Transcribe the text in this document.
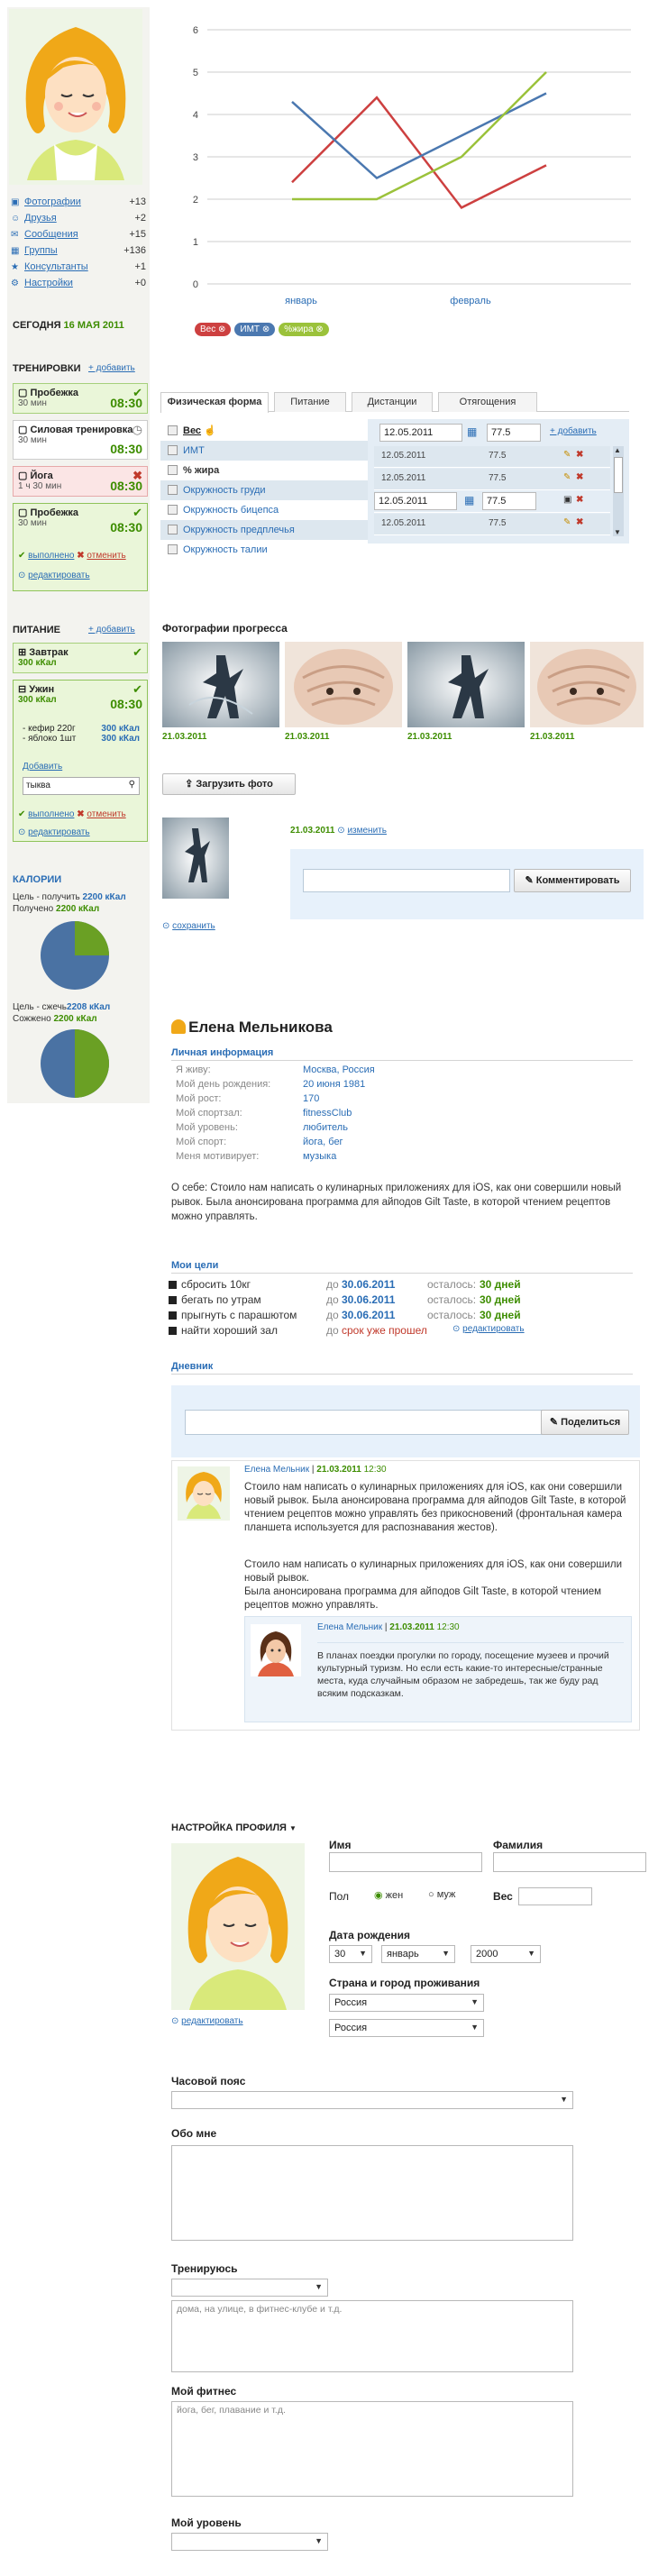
▣ Фотографии	+13
☺ Друзья	+2
✉ Сообщения	+15
▦ Группы	+136
★ Консультанты	+1
⚙ Настройки	+0
СЕГОДНЯ 16 МАЯ 2011
ТРЕНИРОВКИ + добавить
▢ Пробежка
30 мин
✔
08:30
▢ Силовая тренировка
30 мин
◷
08:30
▢ Йога
1 ч 30 мин
✖
08:30
▢ Пробежка
30 мин
✔
08:30
✔ выполнено ✖ отменить
⊙ редактировать
ПИТАНИЕ	+ добавить
⊞ Завтрак
300 кКал
✔
⊟ Ужин
300 кКал
✔
08:30
- кефир 220г	300 кКал
- яблоко 1шт	300 кКал
Добавить
тыква	⚲
✔ выполнено ✖ отменить
⊙ редактировать
КАЛОРИИ
Цель - получить 2200 кКал
Получено 2200 кКал
Цель - сжечь2208 кКал
Сожжено 2200 кКал
0
1
2
3
4
5
6
январь	февраль
Вес ⊗	ИМТ ⊗	%жира ⊗
Физическая форма	Питание	Дистанции	Отягощения
Вес ☝
ИМТ
% жира
Окружность груди
Окружность бицепса
Окружность предплечья
Окружность талии
12.05.2011	▦	77.5	+ добавить
12.05.2011	77.5	✎ ✖
12.05.2011	77.5	✎ ✖
12.05.2011	▦	77.5	▣ ✖
12.05.2011	77.5	✎ ✖
▲
▼
Фотографии прогресса
21.03.2011	21.03.2011	21.03.2011	21.03.2011
⇪ Загрузить фото
21.03.2011 ⊙ изменить
✎ Комментировать
⊙ сохранить
Елена Мельникова
Личная информация
Я живу:	Москва, Россия
Мой день рождения:	20 июня 1981
Мой рост:	170
Мой спортзал:	fitnessClub
Мой уровень:	любитель
Мой спорт:	йога, бег
Меня мотивирует:	музыка
О себе: Стоило нам написать о кулинарных приложениях для iOS, как они совершили новый рывок. Была анонсирована программа для айподов Gilt Taste, в которой чтением рецептов можно управлять.
Мои цели
сбросить 10кг	до 30.06.2011	осталось: 30 дней
бегать по утрам	до 30.06.2011	осталось: 30 дней
прыгнуть с парашютом	до 30.06.2011	осталось: 30 дней
найти хороший зал	до срок уже прошел	⊙ редактировать
Дневник
✎ Поделиться
Елена Мельник | 21.03.2011 12:30
Стоило нам написать о кулинарных приложениях для iOS, как они совершили новый рывок. Была анонсирована программа для айподов Gilt Taste, в которой чтением рецептов можно управлять без прикосновений (фронтальная камера планшета используется для распознавания жестов).
Стоило нам написать о кулинарных приложениях для iOS, как они совершили новый рывок.
Была анонсирована программа для айподов Gilt Taste, в которой чтением рецептов можно управлять.
Елена Мельник | 21.03.2011 12:30
В планах поездки прогулки по городу, посещение музеев и прочий культурный туризм. Но если есть какие-то интересные/странные места, куда случайным образом не забредешь, так же буду рад всяким подсказкам.
НАСТРОЙКА ПРОФИЛЯ ▼
⊙ редактировать
Имя	Фамилия
Пол	◉ жен	○ муж	Вес
Дата рождения
30 ▼	январь	▼	2000	▼
Страна и город проживания
Россия	▼
Россия	▼
Часовой пояс
▼
Обо мне
Тренируюсь
▼
дома, на улице, в фитнес-клубе и т.д.
Мой фитнес
йога, бег, плавание и т.д.
Мой уровень
▼
